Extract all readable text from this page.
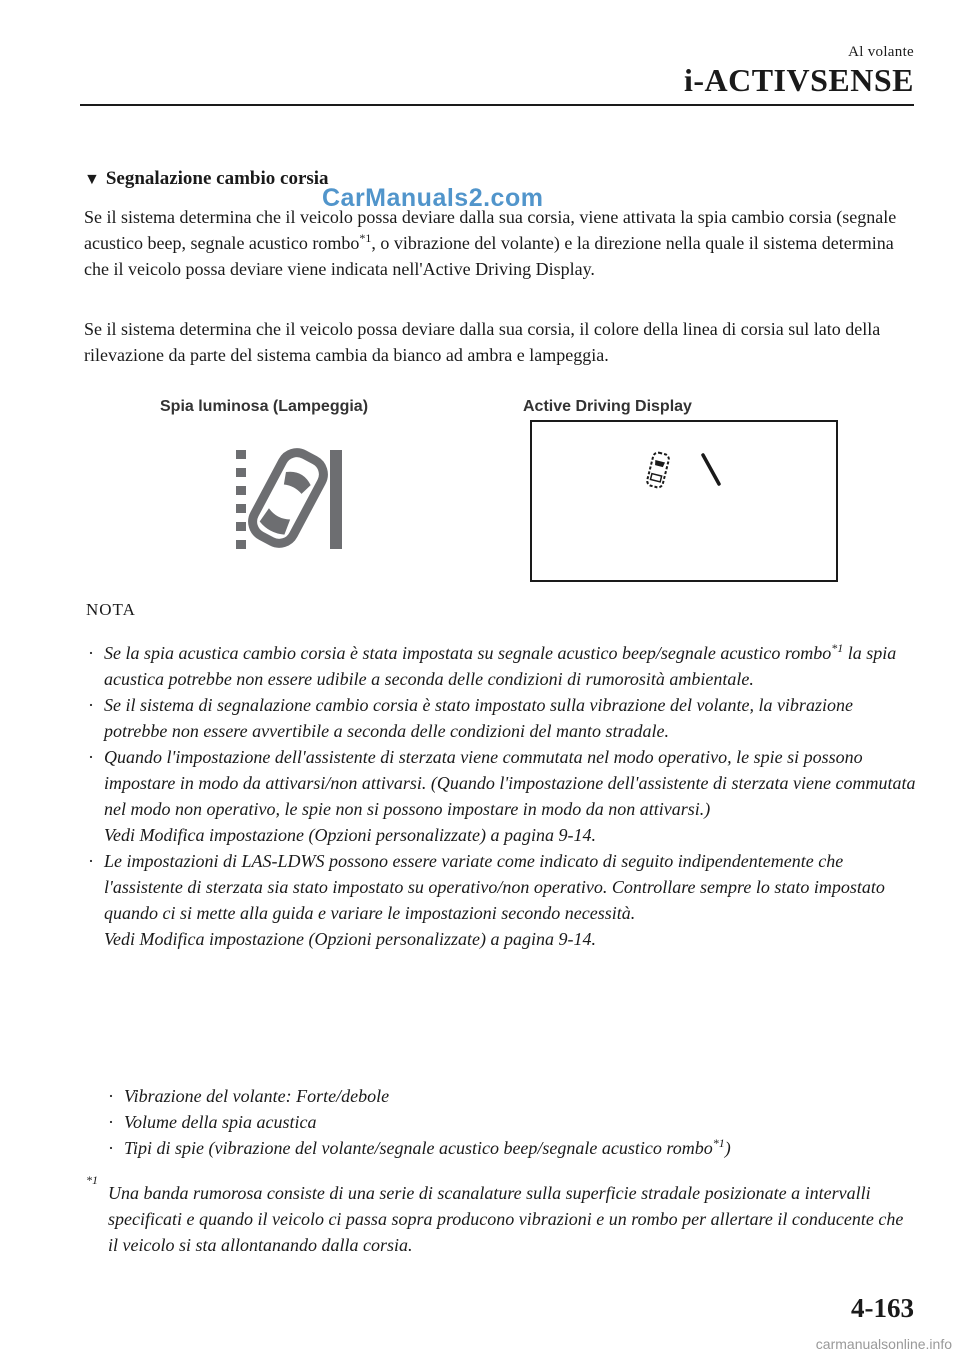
Al volante
i-ACTIVSENSE
▼ Segnalazione cambio corsia
CarManuals2.com

Se il sistema determina che il veicolo possa deviare dalla sua corsia, viene attivata la spia cambio corsia (segnale acustico beep, segnale acustico rombo$^{*1}$, o vibrazione del volante) e la direzione nella quale il sistema determina che il veicolo possa deviare viene indicata nell'Active Driving Display.

Se il sistema determina che il veicolo possa deviare dalla sua corsia, il colore della linea di corsia sul lato della rilevazione da parte del sistema cambia da bianco ad ambra e lampeggia.

Spia luminosa (Lampeggia)	Active Driving Display
NOTA
· Se la spia acustica cambio corsia è stata impostata su segnale acustico beep/segnale acustico rombo$^{*1}$ la spia acustica potrebbe non essere udibile a seconda delle condizioni di rumorosità ambientale.
· Se il sistema di segnalazione cambio corsia è stato impostato sulla vibrazione del volante, la vibrazione potrebbe non essere avvertibile a seconda delle condizioni del manto stradale.
· Quando l'impostazione dell'assistente di sterzata viene commutata nel modo operativo, le spie si possono impostare in modo da attivarsi/non attivarsi. (Quando l'impostazione dell'assistente di sterzata viene commutata nel modo non operativo, le spie non si possono impostare in modo da non attivarsi.)
Vedi Modifica impostazione (Opzioni personalizzate) a pagina 9-14.
· Le impostazioni di LAS-LDWS possono essere variate come indicato di seguito indipendentemente che l'assistente di sterzata sia stato impostato su operativo/non operativo. Controllare sempre lo stato impostato quando ci si mette alla guida e variare le impostazioni secondo necessità.
Vedi Modifica impostazione (Opzioni personalizzate) a pagina 9-14.
· Vibrazione del volante: Forte/debole
· Volume della spia acustica
· Tipi di spie (vibrazione del volante/segnale acustico beep/segnale acustico rombo$^{*1}$)
*1
Una banda rumorosa consiste di una serie di scanalature sulla superficie stradale posizionate a intervalli specificati e quando il veicolo ci passa sopra producono vibrazioni e un rombo per allertare il conducente che il veicolo si sta allontanando dalla corsia.
4-163
carmanualsonline.info
